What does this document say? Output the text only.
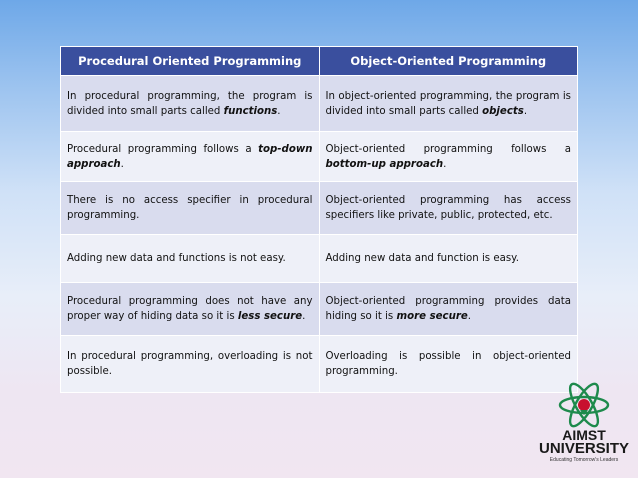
Procedural Oriented Programming	Object-Oriented Programming
In procedural programming, the program is divided into small parts called functions.	In object-oriented programming, the program is divided into small parts called objects.
Procedural programming follows a top-down approach.	Object-oriented programming follows a bottom-up approach.
There is no access specifier in procedural programming.	Object-oriented programming has access specifiers like private, public, protected, etc.
Adding new data and functions is not easy.	Adding new data and function is easy.
Procedural programming does not have any proper way of hiding data so it is less secure.	Object-oriented programming provides data hiding so it is more secure.
In procedural programming, overloading is not possible.	Overloading is possible in object-oriented programming.
AIMST
UNIVERSITY
Educating Tomorrow's Leaders
